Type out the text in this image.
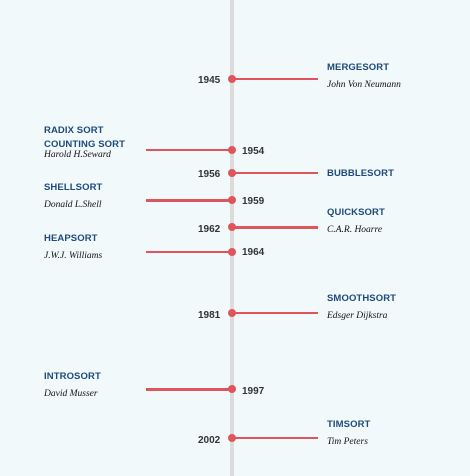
1945
MERGESORT
John Von Neumann
1954
RADIX SORT
COUNTING SORT
Harold H.Seward
1956	BUBBLESORT
1959
SHELLSORT
Donald L.Shell
1962
QUICKSORT
C.A.R. Hoarre
1964
HEAPSORT
J.W.J. Williams
1981
SMOOTHSORT
Edsger Dijkstra
1997
INTROSORT
David Musser
2002
TIMSORT
Tim Peters
